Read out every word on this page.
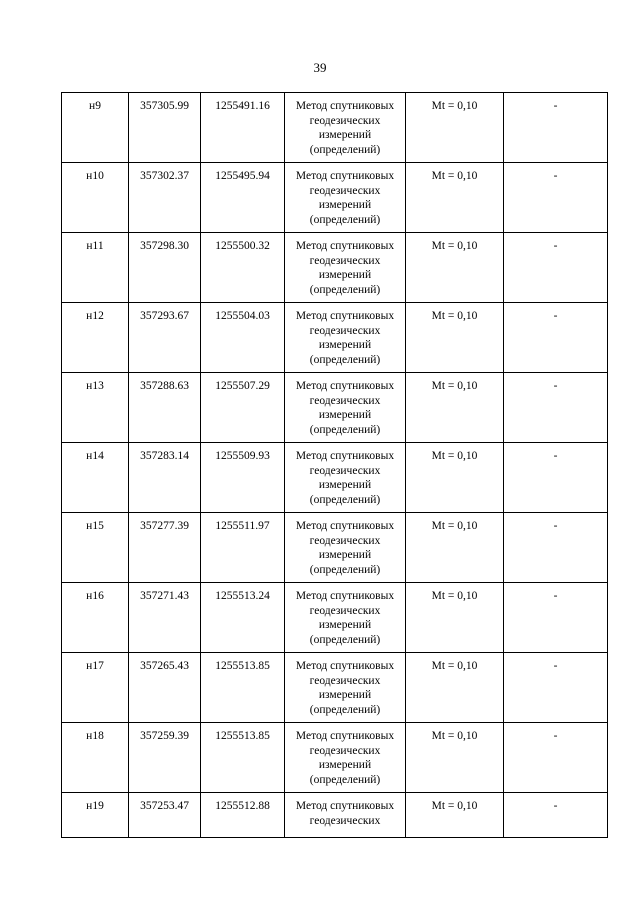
39
н9	357305.99	1255491.16	Метод спутниковых геодезических измерений (определений)	Mt = 0,10	-
н10	357302.37	1255495.94	Метод спутниковых геодезических измерений (определений)	Mt = 0,10	-
н11	357298.30	1255500.32	Метод спутниковых геодезических измерений (определений)	Mt = 0,10	-
н12	357293.67	1255504.03	Метод спутниковых геодезических измерений (определений)	Mt = 0,10	-
н13	357288.63	1255507.29	Метод спутниковых геодезических измерений (определений)	Mt = 0,10	-
н14	357283.14	1255509.93	Метод спутниковых геодезических измерений (определений)	Mt = 0,10	-
н15	357277.39	1255511.97	Метод спутниковых геодезических измерений (определений)	Mt = 0,10	-
н16	357271.43	1255513.24	Метод спутниковых геодезических измерений (определений)	Mt = 0,10	-
н17	357265.43	1255513.85	Метод спутниковых геодезических измерений (определений)	Mt = 0,10	-
н18	357259.39	1255513.85	Метод спутниковых геодезических измерений (определений)	Mt = 0,10	-
н19	357253.47	1255512.88	Метод спутниковых геодезических	Mt = 0,10	-
